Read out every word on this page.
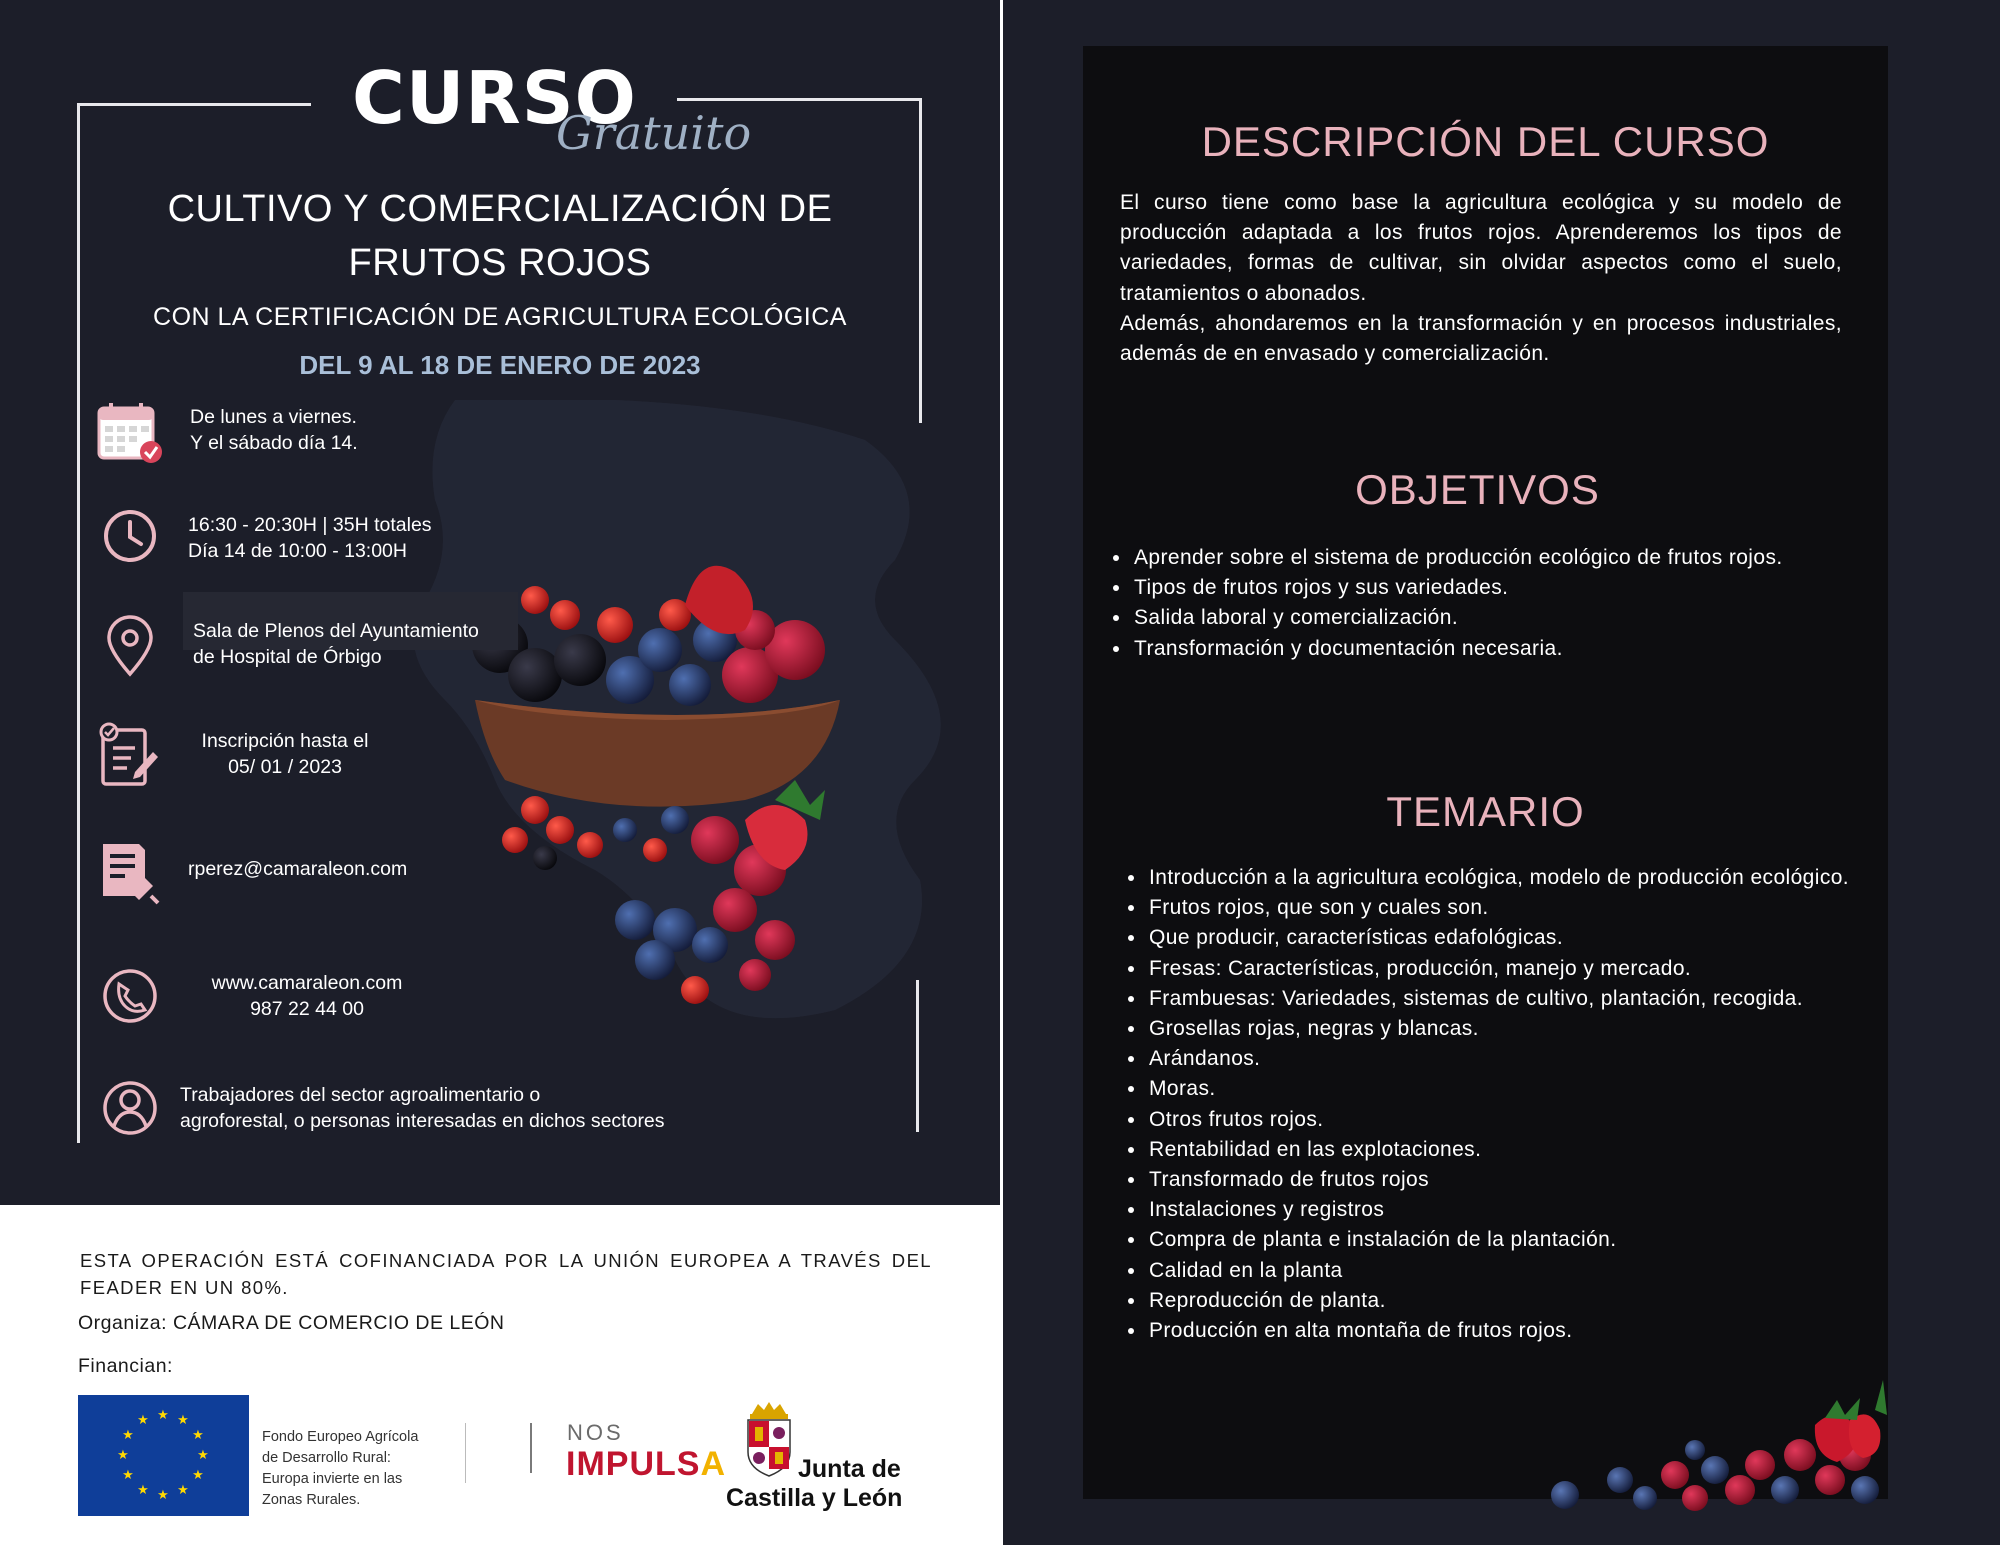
CURSO
Gratuito
CULTIVO Y COMERCIALIZACIÓN DE
FRUTOS ROJOS
CON LA CERTIFICACIÓN DE AGRICULTURA ECOLÓGICA
DEL 9 AL 18 DE ENERO DE 2023
De lunes a viernes.
Y el sábado día 14.
16:30 - 20:30H | 35H totales
Día 14 de 10:00 - 13:00H
Sala de Plenos del Ayuntamiento
de Hospital de Órbigo
Inscripción hasta el
05/ 01 / 2023
rperez@camaraleon.com
www.camaraleon.com
987 22 44 00
Trabajadores del sector agroalimentario o
agroforestal, o personas interesadas en dichos sectores
ESTA OPERACIÓN ESTÁ COFINANCIADA POR LA UNIÓN EUROPEA A TRAVÉS DEL FEADER EN UN 80%.
Organiza: CÁMARA DE COMERCIO DE LEÓN
Financian:
★ ★
★
★
★
★
★
★
★
★
★
★
Fondo Europeo Agrícola
de Desarrollo Rural:
Europa invierte en las
Zonas Rurales.
NOS
IMPULSA	Junta de
Castilla y León
DESCRIPCIÓN DEL CURSO
El curso tiene como base la agricultura ecológica y su modelo de producción adaptada a los frutos rojos. Aprenderemos los tipos de variedades, formas de cultivar, sin olvidar aspectos como el suelo, tratamientos o abonados.
Además, ahondaremos en la transformación y en procesos industriales, además de en envasado y comercialización.
OBJETIVOS
• Aprender sobre el sistema de producción ecológico de frutos rojos.
• Tipos de frutos rojos y sus variedades.
• Salida laboral y comercialización.
• Transformación y documentación necesaria.
TEMARIO
• Introducción a la agricultura ecológica, modelo de producción ecológico.
• Frutos rojos, que son y cuales son.
• Que producir, características edafológicas.
• Fresas: Características, producción, manejo y mercado.
• Frambuesas: Variedades, sistemas de cultivo, plantación, recogida.
• Grosellas rojas, negras y blancas.
• Arándanos.
• Moras.
• Otros frutos rojos.
• Rentabilidad en las explotaciones.
• Transformado de frutos rojos
• Instalaciones y registros
• Compra de planta e instalación de la plantación.
• Calidad en la planta
• Reproducción de planta.
• Producción en alta montaña de frutos rojos.
